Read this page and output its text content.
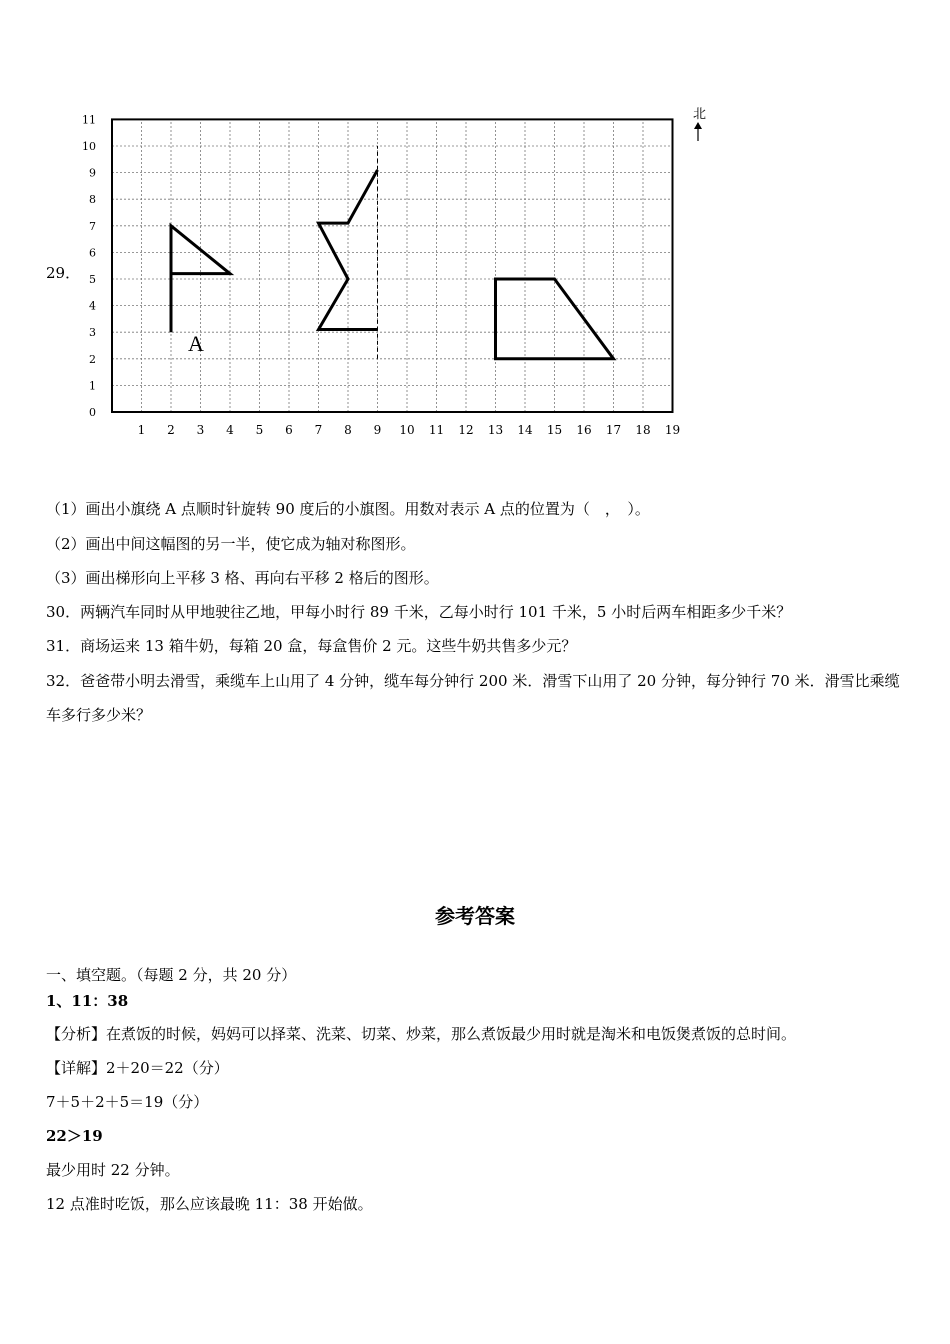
29．
1 2 3 4 5 6 7 8 9 10 11 12 13 14 15 16 17 18 19
0
1
2
3
4
5
6
7
8
9
10
11	北
A
（1）画出小旗绕 A 点顺时针旋转 90 度后的小旗图。用数对表示 A 点的位置为（　，　）。
（2）画出中间这幅图的另一半，使它成为轴对称图形。
（3）画出梯形向上平移 3 格、再向右平移 2 格后的图形。
30．两辆汽车同时从甲地驶往乙地，甲每小时行 89 千米，乙每小时行 101 千米，5 小时后两车相距多少千米？
31．商场运来 13 箱牛奶，每箱 20 盒，每盒售价 2 元。这些牛奶共售多少元？
32．爸爸带小明去滑雪，乘缆车上山用了 4 分钟，缆车每分钟行 200 米．滑雪下山用了 20 分钟，每分钟行 70 米．滑雪比乘缆车多行多少米？
参考答案
一、填空题。（每题 2 分，共 20 分）
1、11：38
【分析】在煮饭的时候，妈妈可以择菜、洗菜、切菜、炒菜，那么煮饭最少用时就是淘米和电饭煲煮饭的总时间。
【详解】2＋20＝22（分）
7＋5＋2＋5＝19（分）
22＞19
最少用时 22 分钟。
12 点准时吃饭，那么应该最晚 11：38 开始做。
